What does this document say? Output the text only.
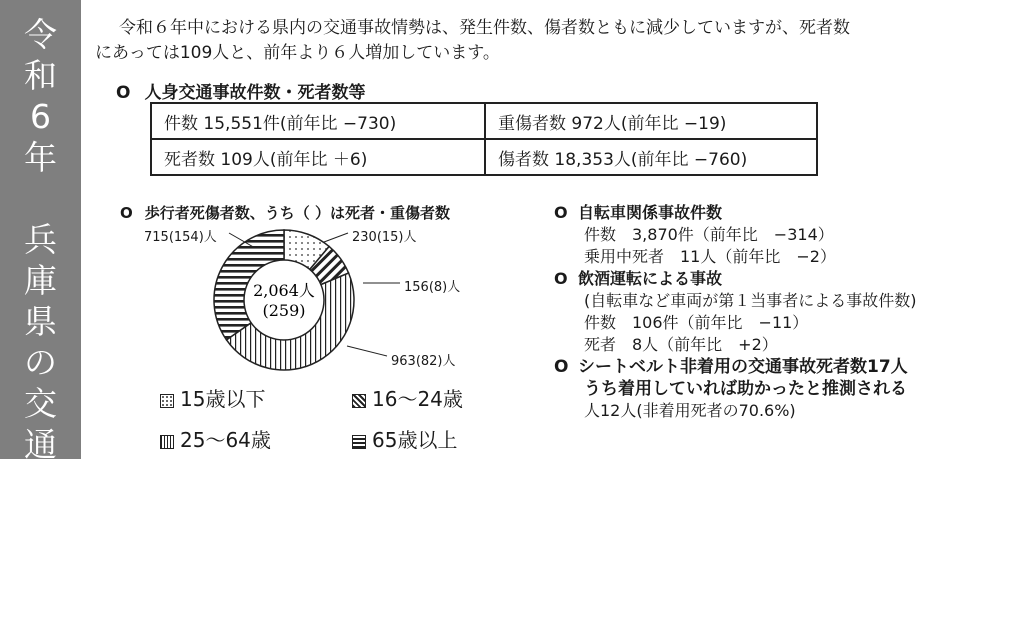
令
和
6
年

兵
庫
県
の
交
通
事
故
情
勢
令和６年中における県内の交通事故情勢は、発生件数、傷者数ともに減少していますが、死者数
にあっては109人と、前年より６人増加しています。
O 人身交通事故件数・死者数等
件数 15,551件(前年比 −730)	重傷者数 972人(前年比 −19)
死者数 109人(前年比 ＋6)	傷者数 18,353人(前年比 −760)
O 歩行者死傷者数、うち（ ）は死者・重傷者数
2,064人
(259)
715(154)人	230(15)人
156(8)人
963(82)人
15歳以下	16〜24歳
25〜64歳	65歳以上
O 自転車関係事故件数
件数　3,870件（前年比　−314）
乗用中死者　11人（前年比　−2）
O 飲酒運転による事故
(自転車など車両が第１当事者による事故件数)
件数　106件（前年比　−11）
死者　8人（前年比　+2）
O シートベルト非着用の交通事故死者数17人
うち着用していれば助かったと推測される
人12人(非着用死者の70.6%)
